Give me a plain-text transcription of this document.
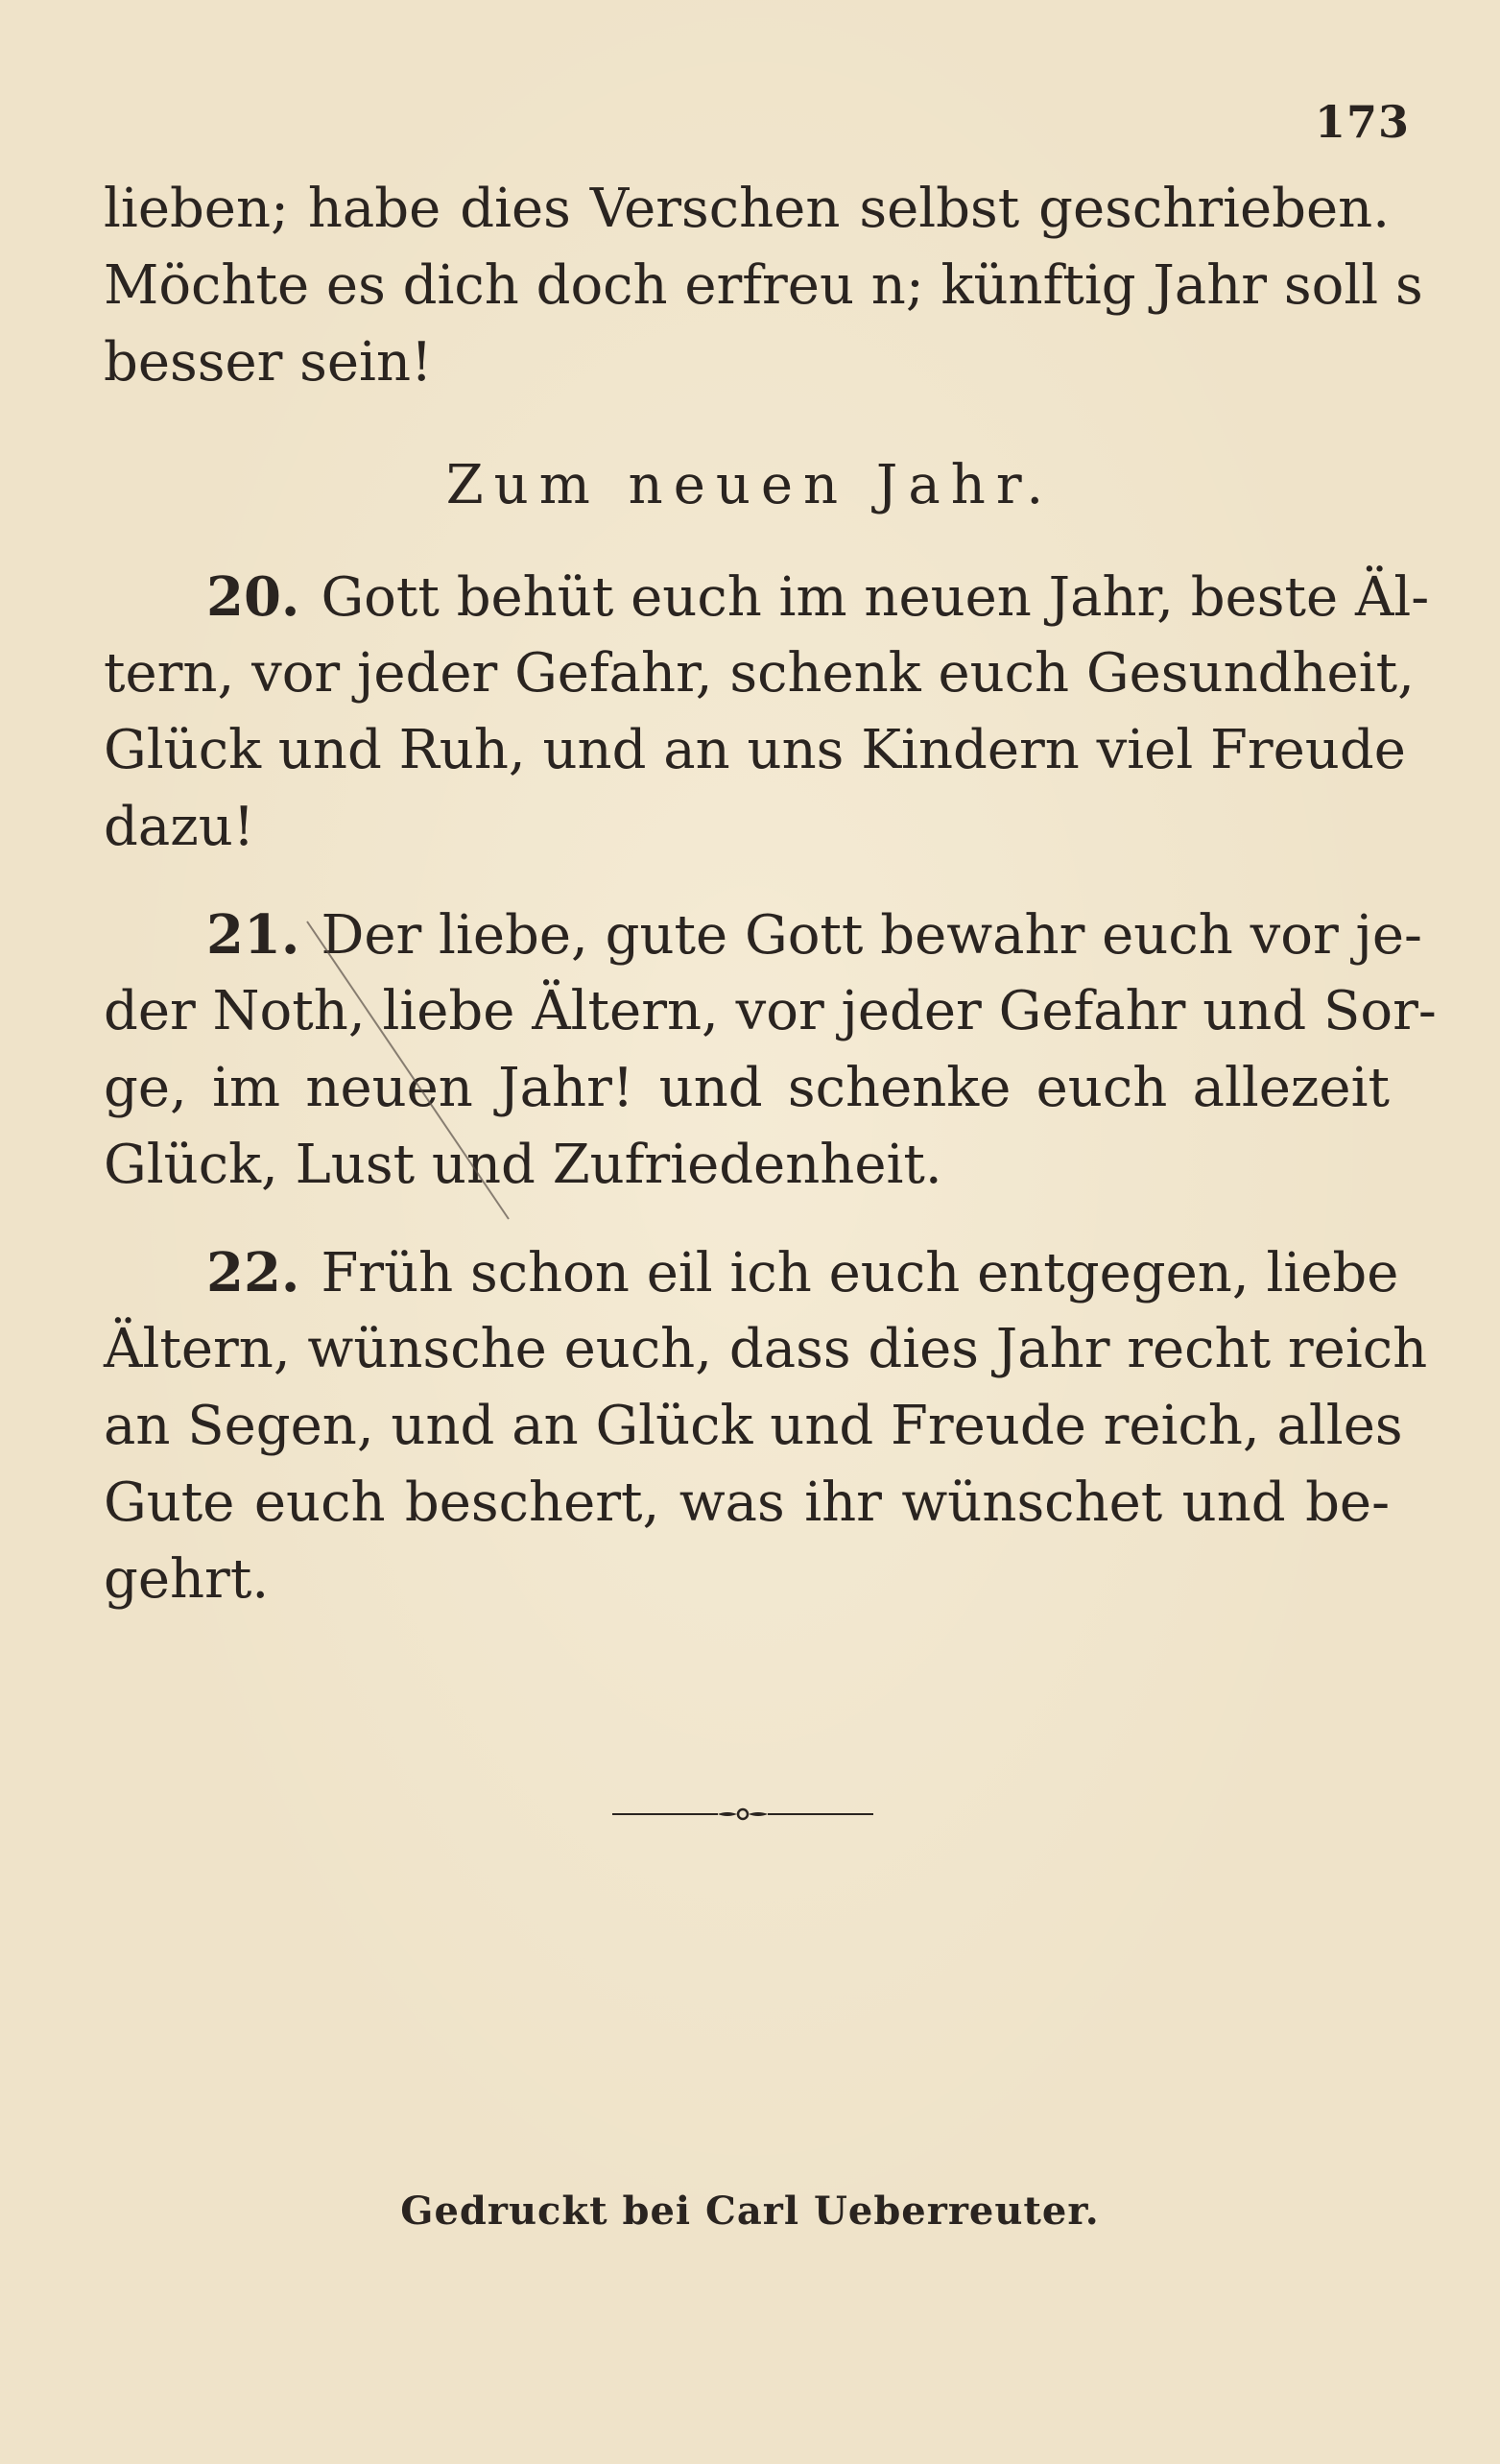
173
lieben; habe dies Verschen selbst geschrieben.
Möchte es dich doch erfreu n; künftig Jahr soll s
besser sein!
Zum neuen Jahr.
20. Gott behüt euch im neuen Jahr, beste Äl-
tern, vor jeder Gefahr, schenk euch Gesundheit,
Glück und Ruh, und an uns Kindern viel Freude
dazu!
21. Der liebe, gute Gott bewahr euch vor je-
der Noth, liebe Ältern, vor jeder Gefahr und Sor-
ge, im neuen Jahr! und schenke euch allezeit
Glück, Lust und Zufriedenheit.
22. Früh schon eil ich euch entgegen, liebe
Ältern, wünsche euch, dass dies Jahr recht reich
an Segen, und an Glück und Freude reich, alles
Gute euch beschert, was ihr wünschet und be-
gehrt.
Gedruckt bei Carl Ueberreuter.
